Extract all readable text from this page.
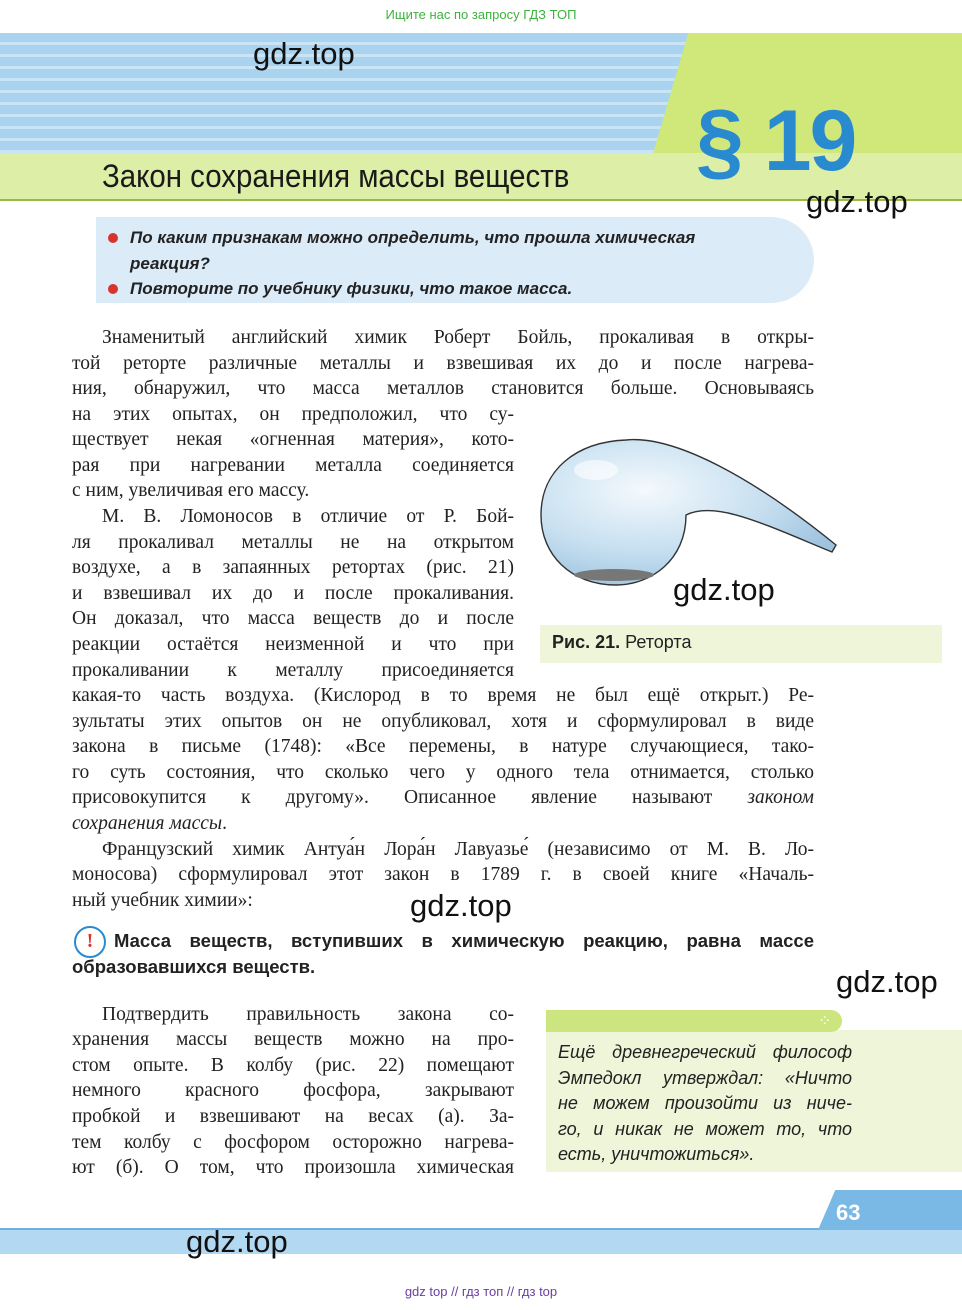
Ищите нас по запросу ГДЗ ТОП
§ 19
Закон сохранения массы веществ
По каким признакам можно определить, что прошла химическая
реакция?
Повторите по учебнику физики, что такое масса.
Знаменитый английский химик Роберт Бойль, прокаливая в откры-
той реторте различные металлы и взвешивая их до и после нагрева-
ния, обнаружил, что масса металлов становится больше. Основываясь
на этих опытах, он предположил, что су-
ществует некая «огненная материя», кото-
рая при нагревании металла соединяется
с ним, увеличивая его массу.
М. В. Ломоносов в отличие от Р. Бой-
ля прокаливал металлы не на открытом
воздухе, а в запаянных ретортах (рис. 21)
и взвешивал их до и после прокаливания.
Он доказал, что масса веществ до и после
реакции остаётся неизменной и что при
прокаливании к металлу присоединяется
какая-то часть воздуха. (Кислород в то время не был ещё открыт.) Ре-
зультаты этих опытов он не опубликовал, хотя и сформулировал в виде
закона в письме (1748): «Все перемены, в натуре случающиеся, тако-
го суть состояния, что сколько чего у одного тела отнимается, столько
присовокупится к другому». Описанное явление называют законом
сохранения массы.
Французский химик Антуа́н Лора́н Лавуазье́ (независимо от М. В. Ло-
моносова) сформулировал этот закон в 1789 г. в своей книге «Началь-
ный учебник химии»:
Рис. 21. Реторта
!	Масса веществ, вступивших в химическую реакцию, равна массе образовавшихся веществ.
Подтвердить правильность закона со-
хранения массы веществ можно на про-
стом опыте. В колбу (рис. 22) помещают
немного красного фосфора, закрывают
пробкой и взвешивают на весах (а). За-
тем колбу с фосфором осторожно нагрева-
ют (б). О том, что произошла химическая
⁘
Ещё древнегреческий философ
Эмпедокл утверждал: «Ничто
не можем произойти из ниче-
го, и никак не может то, что
есть, уничтожиться».
63
gdz top // гдз топ // гдз top
gdz.top
gdz.top
gdz.top
gdz.top
gdz.top
gdz.top
